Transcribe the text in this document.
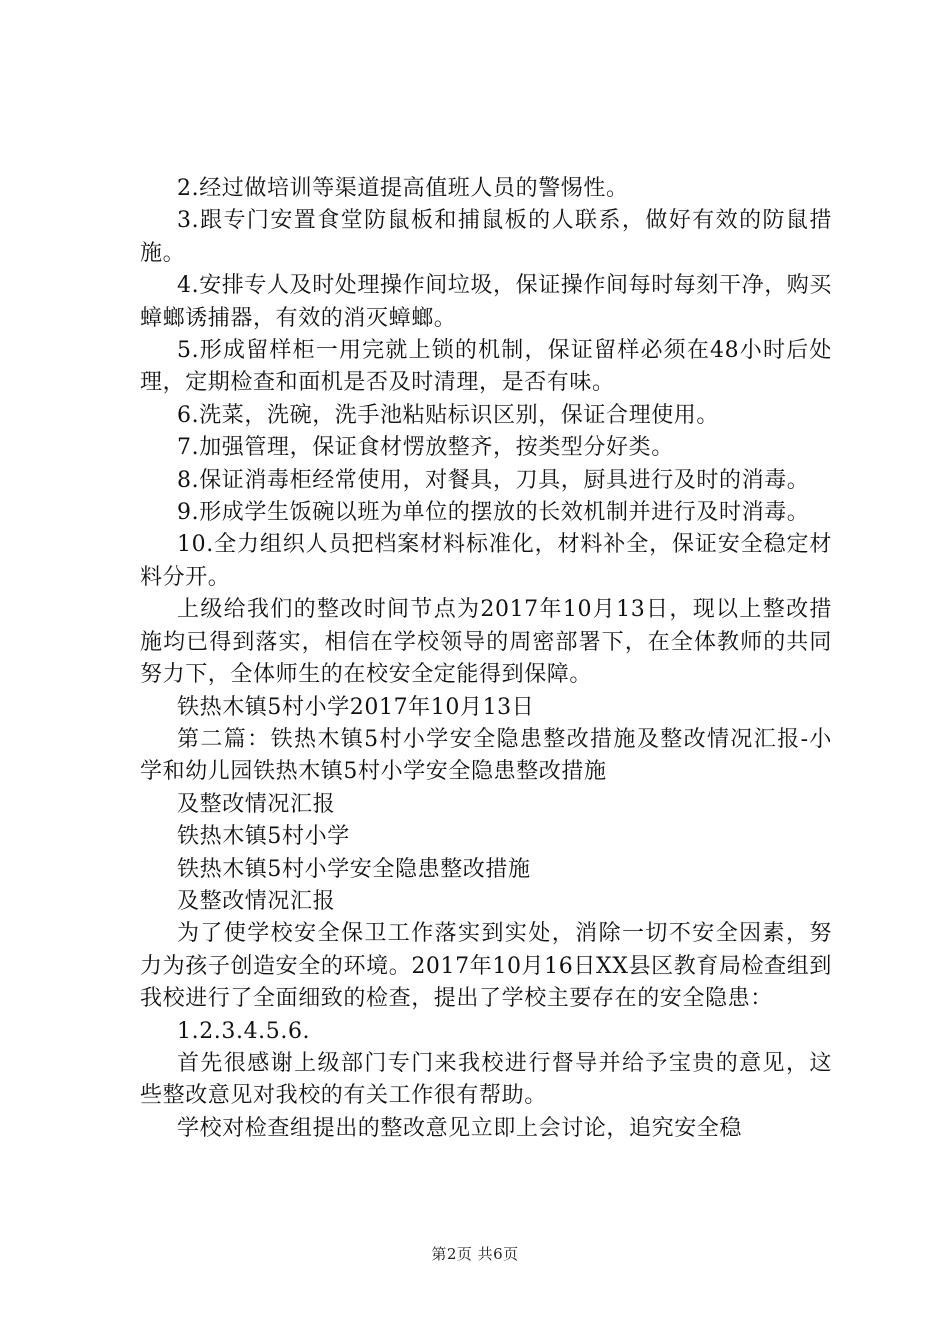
2.经过做培训等渠道提高值班人员的警惕性。

3.跟专门安置食堂防鼠板和捕鼠板的人联系，做好有效的防鼠措施。

4.安排专人及时处理操作间垃圾，保证操作间每时每刻干净，购买蟑螂诱捕器，有效的消灭蟑螂。

5.形成留样柜一用完就上锁的机制，保证留样必须在48小时后处理，定期检查和面机是否及时清理，是否有味。

6.洗菜，洗碗，洗手池粘贴标识区别，保证合理使用。

7.加强管理，保证食材愣放整齐，按类型分好类。

8.保证消毒柜经常使用，对餐具，刀具，厨具进行及时的消毒。

9.形成学生饭碗以班为单位的摆放的长效机制并进行及时消毒。

10.全力组织人员把档案材料标准化，材料补全，保证安全稳定材料分开。

上级给我们的整改时间节点为2017年10月13日，现以上整改措施均已得到落实，相信在学校领导的周密部署下，在全体教师的共同努力下，全体师生的在校安全定能得到保障。

铁热木镇5村小学2017年10月13日

第二篇：铁热木镇5村小学安全隐患整改措施及整改情况汇报-小学和幼儿园铁热木镇5村小学安全隐患整改措施

及整改情况汇报

铁热木镇5村小学

铁热木镇5村小学安全隐患整改措施

及整改情况汇报

为了使学校安全保卫工作落实到实处，消除一切不安全因素，努力为孩子创造安全的环境。2017年10月16日XX县区教育局检查组到我校进行了全面细致的检查，提出了学校主要存在的安全隐患：

1.2.3.4.5.6.

首先很感谢上级部门专门来我校进行督导并给予宝贵的意见，这些整改意见对我校的有关工作很有帮助。

学校对检查组提出的整改意见立即上会讨论，追究安全稳

第2页 共6页
